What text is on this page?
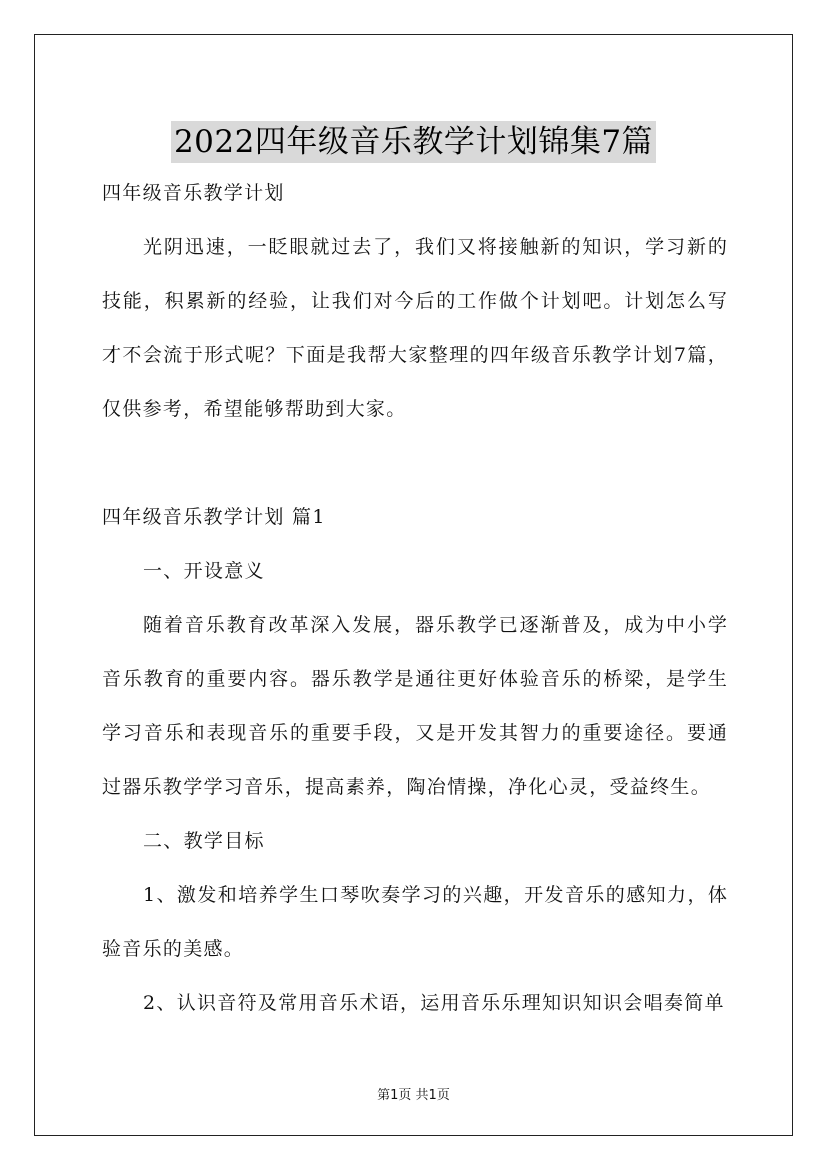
2022四年级音乐教学计划锦集7篇

四年级音乐教学计划

光 阴 迅 速 ， 一 眨 眼 就 过 去 了 ， 我 们 又 将 接 触 新 的 知 识 ， 学 习 新 的

技 能 ， 积 累 新 的 经 验 ， 让 我 们 对 今 后 的 工 作 做 个 计 划 吧 。 计 划 怎 么 写

才 不 会 流 于 形 式 呢 ？ 下 面 是 我 帮 大 家 整 理 的 四 年 级 音 乐 教 学 计 划 7 篇 ，

仅供参考，希望能够帮助到大家。

四年级音乐教学计划 篇1

一、开设意义

随 着 音 乐 教 育 改 革 深 入 发 展 ， 器 乐 教 学 已 逐 渐 普 及 ， 成 为 中 小 学

音 乐 教 育 的 重 要 内 容 。 器 乐 教 学 是 通 往 更 好 体 验 音 乐 的 桥 梁 ， 是 学 生

学 习 音 乐 和 表 现 音 乐 的 重 要 手 段 ， 又 是 开 发 其 智 力 的 重 要 途 径 。 要 通

过器乐教学学习音乐，提高素养，陶冶情操，净化心灵，受益终生。

二、教学目标

1 、 激 发 和 培 养 学 生 口 琴 吹 奏 学 习 的 兴 趣 ， 开 发 音 乐 的 感 知 力 ， 体

验音乐的美感。

2、认识音符及常用音乐术语，运用音乐乐理知识知识会唱奏简单

第1页 共1页
